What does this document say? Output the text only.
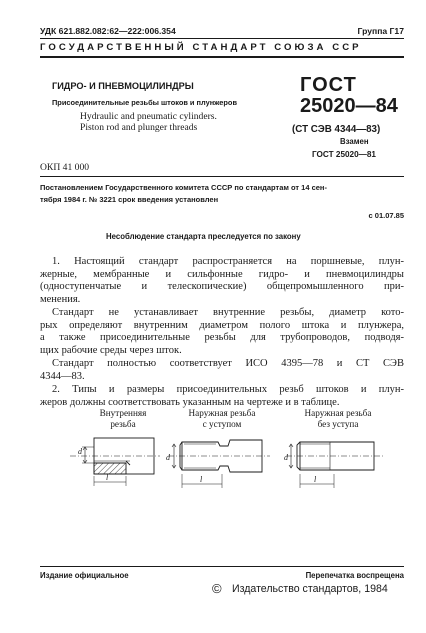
УДК 621.882.082:62—222:006.354	Группа Г17
ГОСУДАРСТВЕННЫЙ СТАНДАРТ СОЮЗА ССР
ГИДРО- И ПНЕВМОЦИЛИНДРЫ
Присоединительные резьбы штоков и плунжеров
Hydraulic and pneumatic cylinders.
Piston rod and plunger threads
ГОСТ
25020—84
(СТ СЭВ 4344—83)
Взамен
ГОСТ 25020—81
ОКП 41 000
Постановлением Государственного комитета СССР по стандартам от 14 сен-
тября 1984 г. № 3221 срок введения установлен
с 01.07.85
Несоблюдение стандарта преследуется по закону
1. Настоящий стандарт распространяется на поршневые, плун-
жерные, мембранные и сильфонные гидро- и пневмоцилиндры
(одноступенчатые и телескопические) общепромышленного при-
менения.
Стандарт не устанавливает внутренние резьбы, диаметр кото-
рых определяют внутренним диаметром полого штока и плунжера,
а также присоединительные резьбы для трубопроводов, подводя-
щих рабочие среды через шток.
Стандарт полностью соответствует ИСО 4395—78 и СТ СЭВ
4344—83.
2. Типы и размеры присоединительных резьб штоков и плун-
жеров должны соответствовать указанным на чертеже и в таблице.
Внутренняя
резьба
Наружная резьба
с уступом
Наружная резьба
без уступа
d
l
d
l
d
l
Издание официальное	Перепечатка воспрещена
© Издательство стандартов, 1984
